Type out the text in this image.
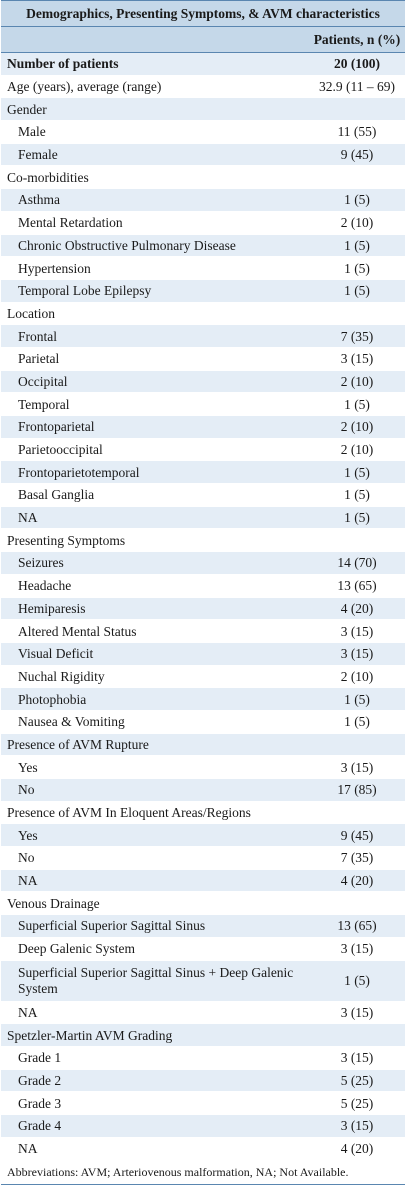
Demographics, Presenting Symptoms, & AVM characteristics	
	Patients, n (%)
Number of patients	20 (100)
Age (years), average (range)	32.9 (11 – 69)
Gender	
Male	11 (55)
Female	9 (45)
Co-morbidities	
Asthma	1 (5)
Mental Retardation	2 (10)
Chronic Obstructive Pulmonary Disease	1 (5)
Hypertension	1 (5)
Temporal Lobe Epilepsy	1 (5)
Location	
Frontal	7 (35)
Parietal	3 (15)
Occipital	2 (10)
Temporal	1 (5)
Frontoparietal	2 (10)
Parietooccipital	2 (10)
Frontoparietotemporal	1 (5)
Basal Ganglia	1 (5)
NA	1 (5)
Presenting Symptoms	
Seizures	14 (70)
Headache	13 (65)
Hemiparesis	4 (20)
Altered Mental Status	3 (15)
Visual Deficit	3 (15)
Nuchal Rigidity	2 (10)
Photophobia	1 (5)
Nausea & Vomiting	1 (5)
Presence of AVM Rupture	
Yes	3 (15)
No	17 (85)
Presence of AVM In Eloquent Areas/Regions	
Yes	9 (45)
No	7 (35)
NA	4 (20)
Venous Drainage	
Superficial Superior Sagittal Sinus	13 (65)
Deep Galenic System	3 (15)
Superficial Superior Sagittal Sinus + Deep Galenic System	1 (5)
NA	3 (15)
Spetzler-Martin AVM Grading	
Grade 1	3 (15)
Grade 2	5 (25)
Grade 3	5 (25)
Grade 4	3 (15)
NA	4 (20)
Abbreviations: AVM; Arteriovenous malformation, NA; Not Available.	
